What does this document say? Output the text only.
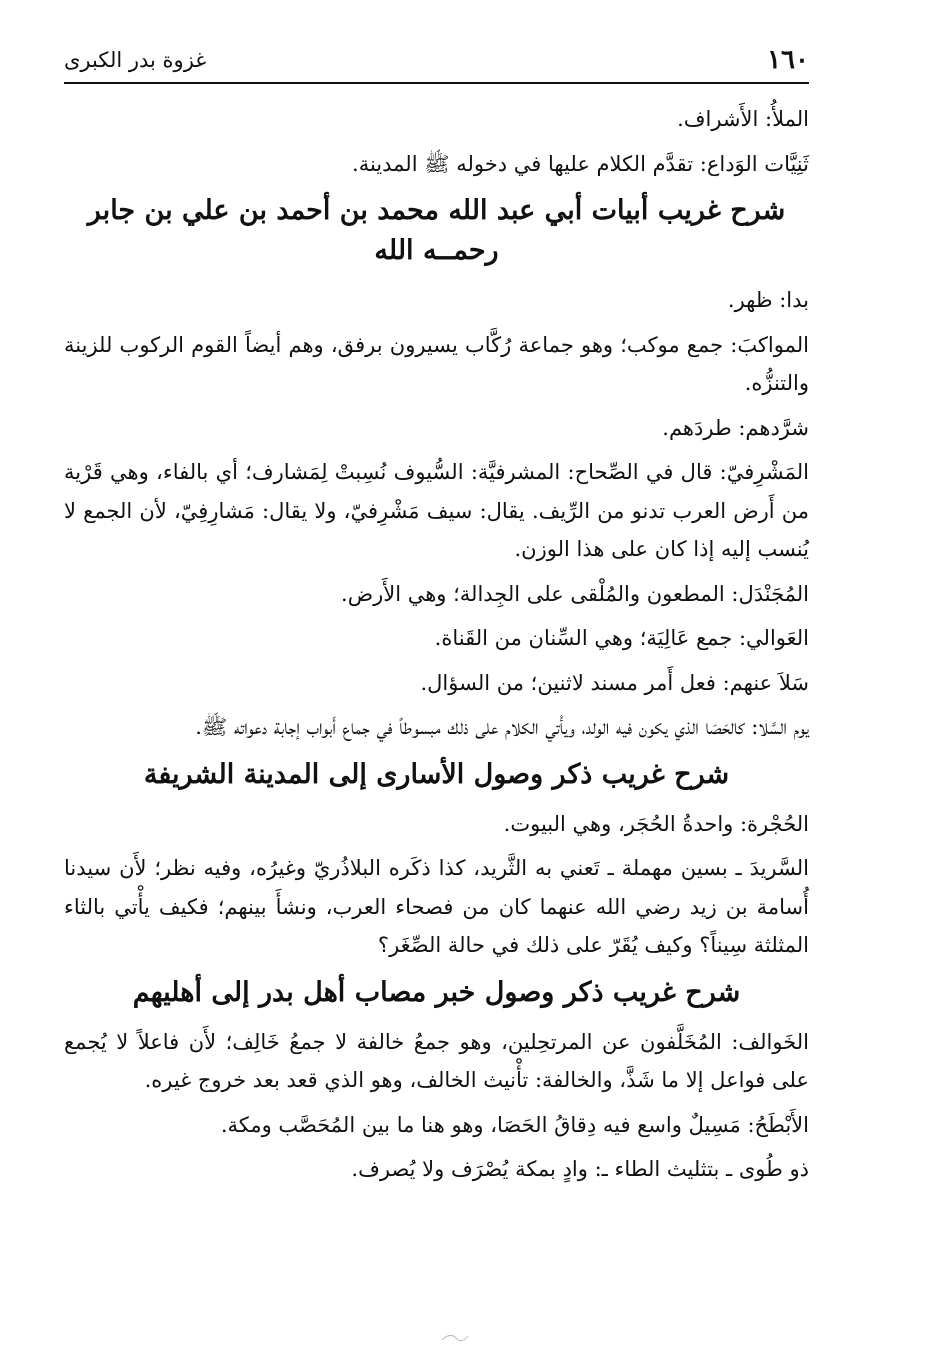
١٦٠
غزوة بدر الكبرى

الملأُ: الأَشراف.

ثَنِيَّات الوَداع: تقدَّم الكلام عليها في دخوله ﷺ المدينة.

شرح غريب أبيات أبي عبد الله محمد بن أحمد بن علي بن جابر
رحمــه الله

بدا: ظهر.

المواكبَ: جمع موكب؛ وهو جماعة رُكَّاب يسيرون برفق، وهم أيضاً القوم الركوب للزينة والتنزُّه.

شرَّدهم: طردَهم.

المَشْرِفيّ: قال في الصِّحاح: المشرفيَّة: السُّيوف نُسِبتْ لِمَشارف؛ أي بالفاء، وهي قَرْية من أَرض العرب تدنو من الرِّيف. يقال: سيف مَشْرِفيّ، ولا يقال: مَشارِفِيّ، لأن الجمع لا يُنسب إليه إذا كان على هذا الوزن.

المُجَنْدَل: المطعون والمُلْقى على الجِدالة؛ وهي الأَرض.

العَوالي: جمع عَالِيَة؛ وهي السِّنان من القَناة.

سَلاَ عنهم: فعل أَمر مسند لاثنين؛ من السؤال.

يوم السَّلا: كالحَصَا الذي يكون فيه الولد، ويأْتي الكلام على ذلك مبسوطاً في جماع أَبواب إجابة دعواته ﷺ.

شرح غريب ذكر وصول الأسارى إلى المدينة الشريفة

الحُجْرة: واحدةُ الحُجَر، وهي البيوت.

السَّريدَ ـ بسين مهملة ـ تَعني به الثَّريد، كذا ذكَره البلاذُريّ وغيرُه، وفيه نظر؛ لأَن سيدنا أُسامة بن زيد رضي الله عنهما كان من فصحاء العرب، ونشأَ بينهم؛ فكيف يأْتي بالثاء المثلثة سِيناً؟ وكيف يُقَرّ على ذلك في حالة الصِّغَر؟

شرح غريب ذكر وصول خبر مصاب أهل بدر إلى أهليهم

الخَوالف: المُخَلَّفون عن المرتحِلين، وهو جمعُ خالفة لا جمعُ خَالِف؛ لأَن فاعلاً لا يُجمع على فواعل إلا ما شَذَّ، والخالفة: تأْنيث الخالف، وهو الذي قعد بعد خروج غيره.

الأَبْطَحُ: مَسِيلٌ واسع فيه دِقاقُ الحَصَا، وهو هنا ما بين المُحَصَّب ومكة.

ذو طُوى ـ بتثليث الطاء ـ: وادٍ بمكة يُصْرَف ولا يُصرف.
